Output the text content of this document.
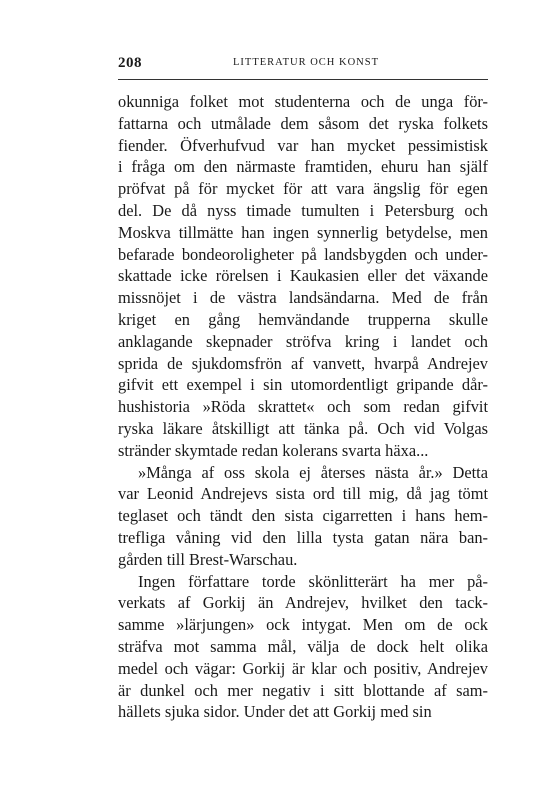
208	LITTERATUR OCH KONST
okunniga folket mot studenterna och de unga för-
fattarna och utmålade dem såsom det ryska folkets
fiender. Öfverhufvud var han mycket pessimistisk
i fråga om den närmaste framtiden, ehuru han själf
pröfvat på för mycket för att vara ängslig för egen
del. De då nyss timade tumulten i Petersburg och
Moskva tillmätte han ingen synnerlig betydelse, men
befarade bondeoroligheter på landsbygden och under-
skattade icke rörelsen i Kaukasien eller det växande
missnöjet i de västra landsändarna. Med de från
kriget en gång hemvändande trupperna skulle
anklagande skepnader ströfva kring i landet och
sprida de sjukdomsfrön af vanvett, hvarpå Andrejev
gifvit ett exempel i sin utomordentligt gripande dår-
hushistoria »Röda skrattet« och som redan gifvit
ryska läkare åtskilligt att tänka på. Och vid Volgas
stränder skymtade redan kolerans svarta häxa...
»Många af oss skola ej återses nästa år.» Detta
var Leonid Andrejevs sista ord till mig, då jag tömt
teglaset och tändt den sista cigarretten i hans hem-
trefliga våning vid den lilla tysta gatan nära ban-
gården till Brest-Warschau.
Ingen författare torde skönlitterärt ha mer på-
verkats af Gorkij än Andrejev, hvilket den tack-
samme »lärjungen» ock intygat. Men om de ock
sträfva mot samma mål, välja de dock helt olika
medel och vägar: Gorkij är klar och positiv, Andrejev
är dunkel och mer negativ i sitt blottande af sam-
hällets sjuka sidor. Under det att Gorkij med sin
